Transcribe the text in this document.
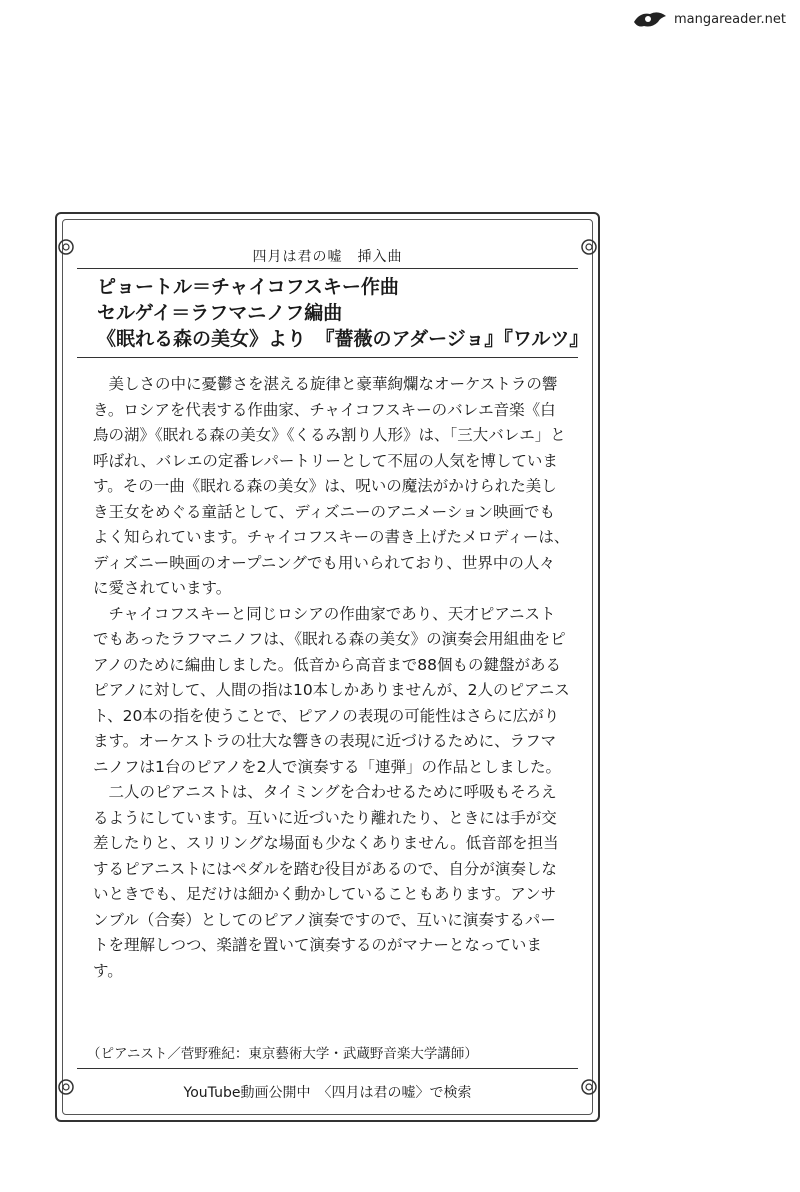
mangareader.net
四月は君の嘘　挿入曲
ピョートル＝チャイコフスキー作曲
セルゲイ＝ラフマニノフ編曲
《眠れる森の美女》より　『薔薇のアダージョ』『ワルツ』

美しさの中に憂鬱さを湛える旋律と豪華絢爛なオーケストラの響き。ロシアを代表する作曲家、チャイコフスキーのバレエ音楽《白鳥の湖》《眠れる森の美女》《くるみ割り人形》は、「三大バレエ」と呼ばれ、バレエの定番レパートリーとして不屈の人気を博しています。その一曲《眠れる森の美女》は、呪いの魔法がかけられた美しき王女をめぐる童話として、ディズニーのアニメーション映画でもよく知られています。チャイコフスキーの書き上げたメロディーは、ディズニー映画のオープニングでも用いられており、世界中の人々に愛されています。

チャイコフスキーと同じロシアの作曲家であり、天才ピアニストでもあったラフマニノフは、《眠れる森の美女》の演奏会用組曲をピアノのために編曲しました。低音から高音まで88個もの鍵盤があるピアノに対して、人間の指は10本しかありませんが、2人のピアニスト、20本の指を使うことで、ピアノの表現の可能性はさらに広がります。オーケストラの壮大な響きの表現に近づけるために、ラフマニノフは1台のピアノを2人で演奏する「連弾」の作品としました。

二人のピアニストは、タイミングを合わせるために呼吸もそろえるようにしています。互いに近づいたり離れたり、ときには手が交差したりと、スリリングな場面も少なくありません。低音部を担当するピアニストにはペダルを踏む役目があるので、自分が演奏しないときでも、足だけは細かく動かしていることもあります。アンサンブル（合奏）としてのピアノ演奏ですので、互いに演奏するパートを理解しつつ、楽譜を置いて演奏するのがマナーとなっています。

（ピアニスト／菅野雅紀：東京藝術大学・武蔵野音楽大学講師）
YouTube動画公開中　〈四月は君の嘘〉で検索
